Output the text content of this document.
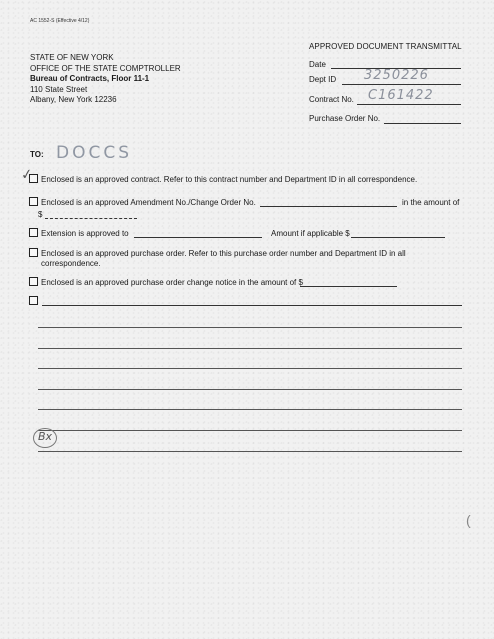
AC 1552-S (Effective 4/12)
STATE OF NEW YORK
OFFICE OF THE STATE COMPTROLLER
Bureau of Contracts, Floor 11-1
110 State Street
Albany, New York 12236
APPROVED DOCUMENT TRANSMITTAL
Date
Dept ID 3250226
Contract No. C161422
Purchase Order No.
TO: DOCCS
✓ Enclosed is an approved contract. Refer to this contract number and Department ID in all correspondence.
Enclosed is an approved Amendment No./Change Order No.	in the amount of
$
Extension is approved to	Amount if applicable $
Enclosed is an approved purchase order. Refer to this purchase order number and Department ID in all
correspondence.
Enclosed is an approved purchase order change notice in the amount of $
Bx
(
